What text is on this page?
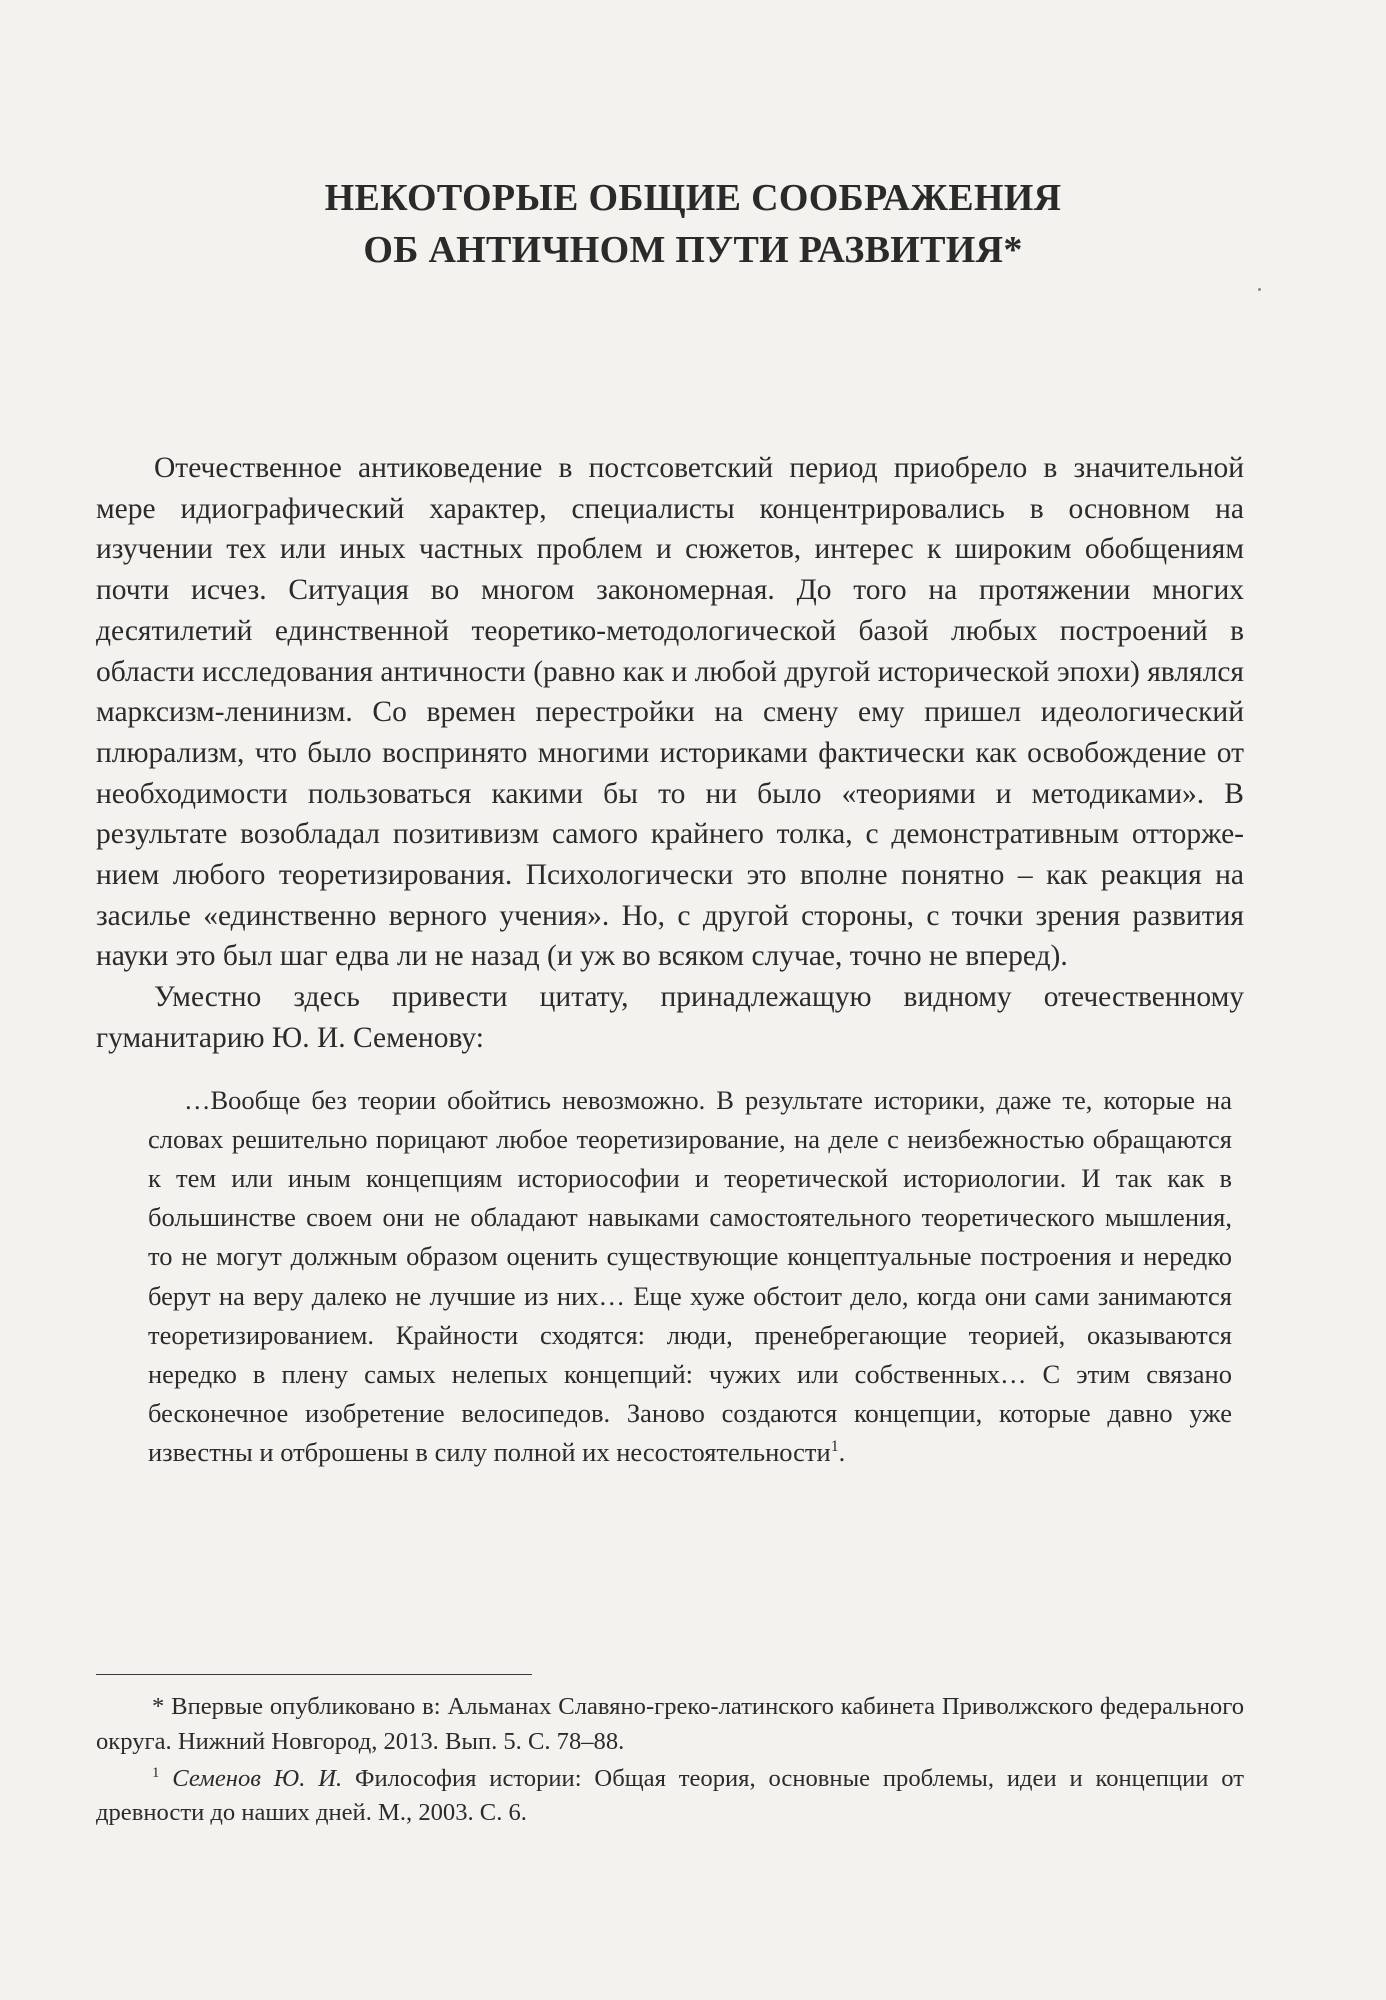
НЕКОТОРЫЕ ОБЩИЕ СООБРАЖЕНИЯ
ОБ АНТИЧНОМ ПУТИ РАЗВИТИЯ*

Отечественное антиковедение в постсоветский период приобрело в значительной мере идиографический характер, специалисты концентрировались в основном на изучении тех или иных частных проблем и сюжетов, интерес к широким обобщениям почти исчез. Ситуация во многом закономерная. До того на протяжении многих десятилетий единственной теоретико-методологической базой любых построений в области исследования античности (равно как и любой другой исторической эпохи) являлся марксизм-ленинизм. Со времен перестройки на смену ему пришел идеологический плюрализм, что было воспринято многими историками фактически как освобождение от необходимости пользоваться какими бы то ни было «теориями и методиками». В результате возобладал позитивизм самого крайнего толка, с демонстративным отторжением любого теоретизирования. Психологически это вполне понятно – как реакция на засилье «единственно верного учения». Но, с другой стороны, с точки зрения развития науки это был шаг едва ли не назад (и уж во всяком случае, точно не вперед).

Уместно здесь привести цитату, принадлежащую видному отечественному гуманитарию Ю. И. Семенову:

…Вообще без теории обойтись невозможно. В результате историки, даже те, которые на словах решительно порицают любое теоретизирование, на деле с неизбежностью обращаются к тем или иным концепциям историософии и теоретической историологии. И так как в большинстве своем они не обладают навыками самостоятельного теоретического мышления, то не могут должным образом оценить существующие концептуальные построения и нередко берут на веру далеко не лучшие из них… Еще хуже обстоит дело, когда они сами занимаются теоретизированием. Крайности сходятся: люди, пренебрегающие теорией, оказываются нередко в плену самых нелепых концепций: чужих или собственных… С этим связано бесконечное изобретение велосипедов. Заново создаются концепции, которые давно уже известны и отброшены в силу полной их несостоятельности$^1$.

* Впервые опубликовано в: Альманах Славяно-греко-латинского кабинета Приволжского федерального округа. Нижний Новгород, 2013. Вып. 5. С. 78–88.

$^1$ Семенов Ю. И. Философия истории: Общая теория, основные проблемы, идеи и концепции от древности до наших дней. М., 2003. С. 6.
